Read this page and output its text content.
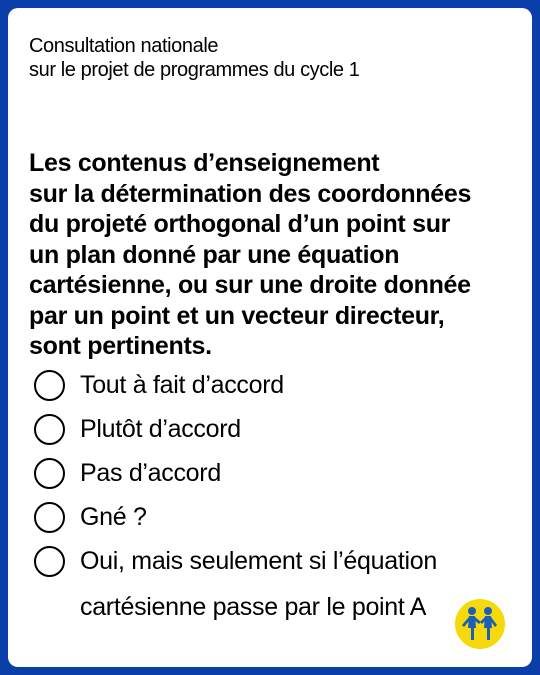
Consultation nationale
sur le projet de programmes du cycle 1
Les contenus d’enseignement
sur la détermination des coordonnées
du projeté orthogonal d’un point sur
un plan donné par une équation
cartésienne, ou sur une droite donnée
par un point et un vecteur directeur,
sont pertinents.
Tout à fait d’accord
Plutôt d’accord
Pas d’accord
Gné ?
Oui, mais seulement si l’équation
cartésienne passe par le point A
